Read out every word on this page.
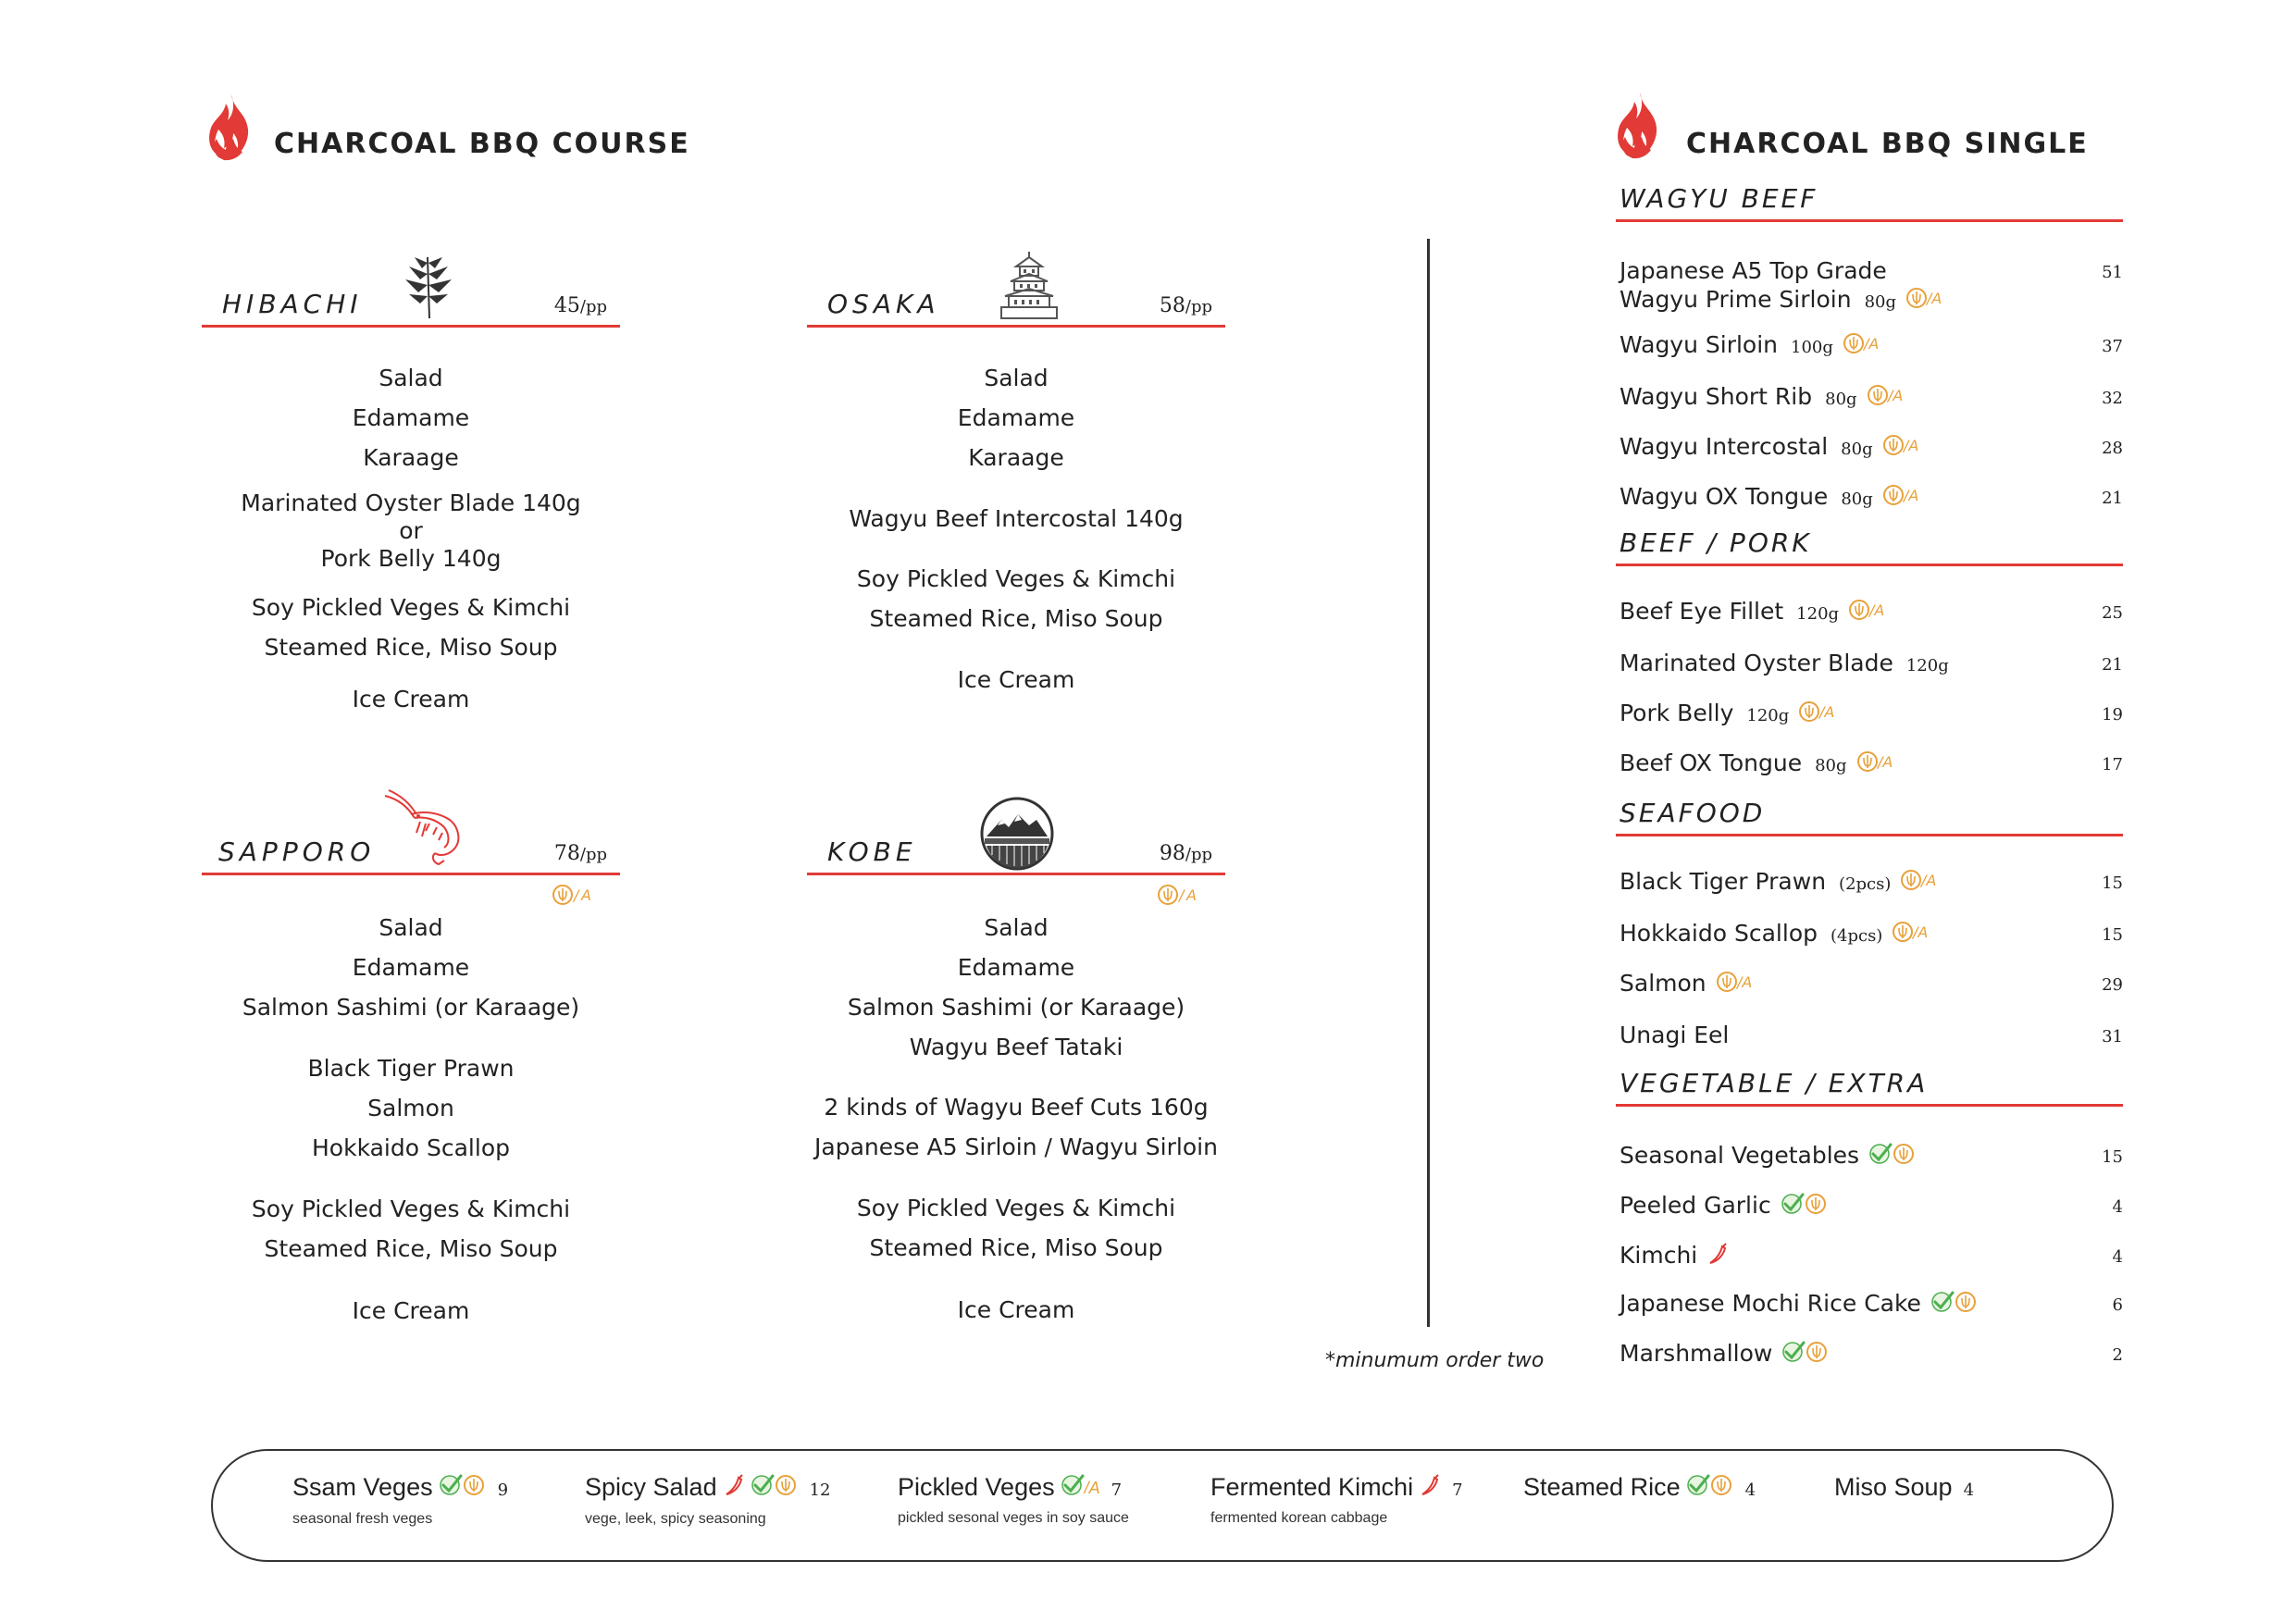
CHARCOAL BBQ COURSE	CHARCOAL BBQ SINGLE
HIBACHI	45/pp
Salad
Edamame
Karaage
Marinated Oyster Blade 140g
or
Pork Belly 140g
Soy Pickled Veges & Kimchi
Steamed Rice, Miso Soup
Ice Cream
OSAKA	58/pp
Salad
Edamame
Karaage
Wagyu Beef Intercostal 140g
Soy Pickled Veges & Kimchi
Steamed Rice, Miso Soup
Ice Cream
SAPPORO	78/pp
/ A
Salad
Edamame
Salmon Sashimi (or Karaage)
Black Tiger Prawn
Salmon
Hokkaido Scallop
Soy Pickled Veges & Kimchi
Steamed Rice, Miso Soup
Ice Cream
KOBE	98/pp
/ A
Salad
Edamame
Salmon Sashimi (or Karaage)
Wagyu Beef Tataki
2 kinds of Wagyu Beef Cuts 160g
Japanese A5 Sirloin / Wagyu Sirloin
Soy Pickled Veges & Kimchi
Steamed Rice, Miso Soup
Ice Cream
*minumum order two
WAGYU BEEF
Japanese A5 Top Grade
Wagyu Prime Sirloin 80g /A
51
Wagyu Sirloin 100g /A	37
Wagyu Short Rib 80g /A	32
Wagyu Intercostal 80g /A	28
Wagyu OX Tongue 80g /A	21
BEEF / PORK
Beef Eye Fillet 120g /A	25
Marinated Oyster Blade 120g	21
Pork Belly 120g /A	19
Beef OX Tongue 80g /A	17
SEAFOOD
Black Tiger Prawn (2pcs) /A	15
Hokkaido Scallop (4pcs) /A	15
Salmon /A	29
Unagi Eel	31
VEGETABLE / EXTRA
Seasonal Vegetables	15
Peeled Garlic	4
Kimchi	4
Japanese Mochi Rice Cake	6
Marshmallow	2
Ssam Veges	9
seasonal fresh veges
Spicy Salad	12
vege, leek, spicy seasoning
Pickled Veges /A 7
pickled sesonal veges in soy sauce
Fermented Kimchi 7
fermented korean cabbage
Steamed Rice	4	Miso Soup 4
